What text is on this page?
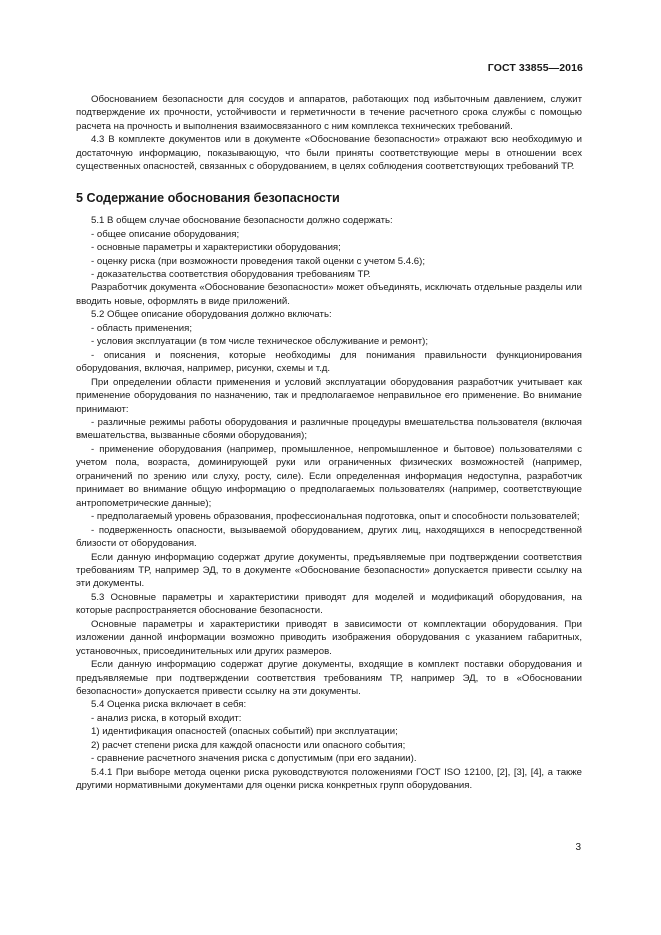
ГОСТ 33855—2016
Обоснованием безопасности для сосудов и аппаратов, работающих под избыточным давлением, служит подтверждение их прочности, устойчивости и герметичности в течение расчетного срока службы с помощью расчета на прочность и выполнения взаимосвязанного с ним комплекса технических требований.
4.3 В комплекте документов или в документе «Обоснование безопасности» отражают всю необходимую и достаточную информацию, показывающую, что были приняты соответствующие меры в отношении всех существенных опасностей, связанных с оборудованием, в целях соблюдения соответствующих требований ТР.
5 Содержание обоснования безопасности
5.1 В общем случае обоснование безопасности должно содержать:
- общее описание оборудования;
- основные параметры и характеристики оборудования;
- оценку риска (при возможности проведения такой оценки с учетом 5.4.6);
- доказательства соответствия оборудования требованиям ТР.
Разработчик документа «Обоснование безопасности» может объединять, исключать отдельные разделы или вводить новые, оформлять в виде приложений.
5.2 Общее описание оборудования должно включать:
- область применения;
- условия эксплуатации (в том числе техническое обслуживание и ремонт);
- описания и пояснения, которые необходимы для понимания правильности функционирования оборудования, включая, например, рисунки, схемы и т.д.
При определении области применения и условий эксплуатации оборудования разработчик учитывает как применение оборудования по назначению, так и предполагаемое неправильное его применение. Во внимание принимают:
- различные режимы работы оборудования и различные процедуры вмешательства пользователя (включая вмешательства, вызванные сбоями оборудования);
- применение оборудования (например, промышленное, непромышленное и бытовое) пользователями с учетом пола, возраста, доминирующей руки или ограниченных физических возможностей (например, ограничений по зрению или слуху, росту, силе). Если определенная информация недоступна, разработчик принимает во внимание общую информацию о предполагаемых пользователях (например, соответствующие антропометрические данные);
- предполагаемый уровень образования, профессиональная подготовка, опыт и способности пользователей;
- подверженность опасности, вызываемой оборудованием, других лиц, находящихся в непосредственной близости от оборудования.
Если данную информацию содержат другие документы, предъявляемые при подтверждении соответствия требованиям ТР, например ЭД, то в документе «Обоснование безопасности» допускается привести ссылку на эти документы.
5.3 Основные параметры и характеристики приводят для моделей и модификаций оборудования, на которые распространяется обоснование безопасности.
Основные параметры и характеристики приводят в зависимости от комплектации оборудования. При изложении данной информации возможно приводить изображения оборудования с указанием габаритных, установочных, присоединительных или других размеров.
Если данную информацию содержат другие документы, входящие в комплект поставки оборудования и предъявляемые при подтверждении соответствия требованиям ТР, например ЭД, то в «Обосновании безопасности» допускается привести ссылку на эти документы.
5.4 Оценка риска включает в себя:
- анализ риска, в который входит:
1) идентификация опасностей (опасных событий) при эксплуатации;
2) расчет степени риска для каждой опасности или опасного события;
- сравнение расчетного значения риска с допустимым (при его задании).
5.4.1 При выборе метода оценки риска руководствуются положениями ГОСТ ISO 12100, [2], [3], [4], а также другими нормативными документами для оценки риска конкретных групп оборудования.
3
